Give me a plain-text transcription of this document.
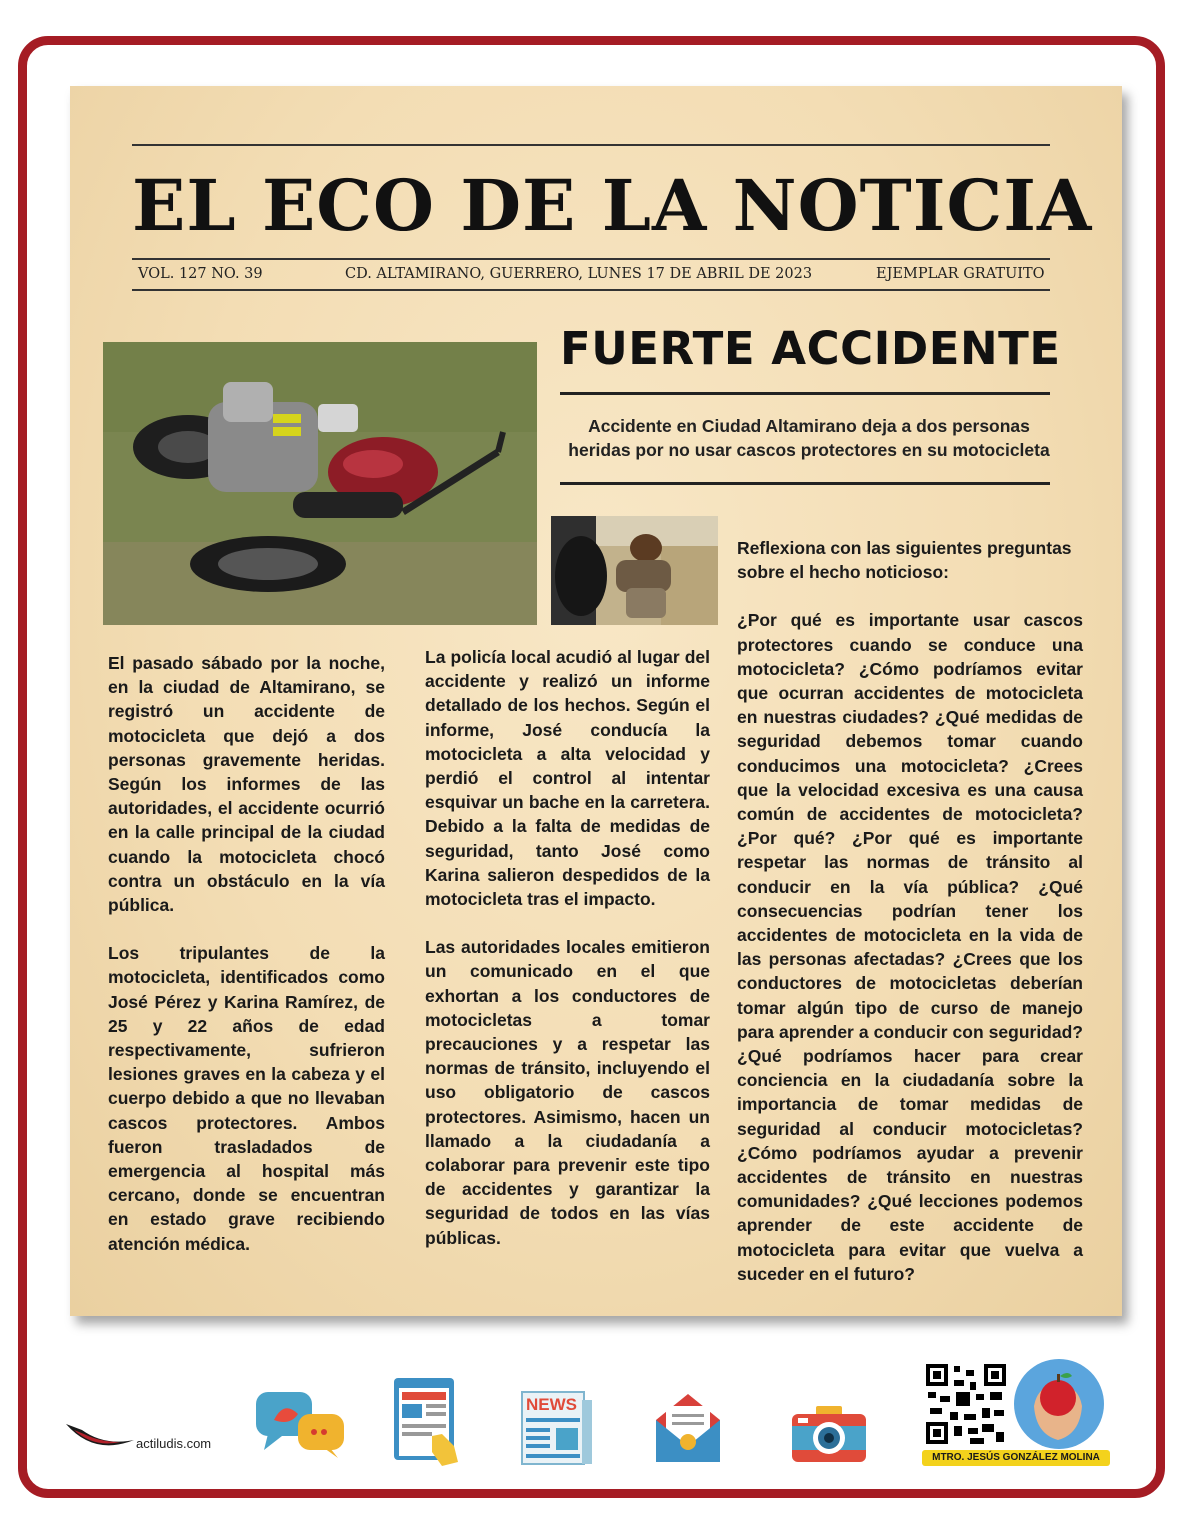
EL ECO DE LA NOTICIA
VOL. 127 NO. 39	CD. ALTAMIRANO, GUERRERO, LUNES 17 DE ABRIL DE 2023	EJEMPLAR GRATUITO
FUERTE ACCIDENTE
Accidente en Ciudad Altamirano deja a dos personas heridas por no usar cascos protectores en su motocicleta

El pasado sábado por la noche, en la ciudad de Altamirano, se registró un accidente de motocicleta que dejó a dos personas gravemente heridas. Según los informes de las autoridades, el accidente ocurrió en la calle principal de la ciudad cuando la motocicleta chocó contra un obstáculo en la vía pública.

Los tripulantes de la motocicleta, identificados como José Pérez y Karina Ramírez, de 25 y 22 años de edad respectivamente, sufrieron lesiones graves en la cabeza y el cuerpo debido a que no llevaban cascos protectores. Ambos fueron trasladados de emergencia al hospital más cercano, donde se encuentran en estado grave recibiendo atención médica.

La policía local acudió al lugar del accidente y realizó un informe detallado de los hechos. Según el informe, José conducía la motocicleta a alta velocidad y perdió el control al intentar esquivar un bache en la carretera. Debido a la falta de medidas de seguridad, tanto José como Karina salieron despedidos de la motocicleta tras el impacto.

Las autoridades locales emitieron un comunicado en el que exhortan a los conductores de motocicletas a tomar precauciones y a respetar las normas de tránsito, incluyendo el uso obligatorio de cascos protectores. Asimismo, hacen un llamado a la ciudadanía a colaborar para prevenir este tipo de accidentes y garantizar la seguridad de todos en las vías públicas.

Reflexiona con las siguientes preguntas sobre el hecho noticioso:

¿Por qué es importante usar cascos protectores cuando se conduce una motocicleta? ¿Cómo podríamos evitar que ocurran accidentes de motocicleta en nuestras ciudades? ¿Qué medidas de seguridad debemos tomar cuando conducimos una motocicleta? ¿Crees que la velocidad excesiva es una causa común de accidentes de motocicleta? ¿Por qué? ¿Por qué es importante respetar las normas de tránsito al conducir en la vía pública? ¿Qué consecuencias podrían tener los accidentes de motocicleta en la vida de las personas afectadas? ¿Crees que los conductores de motocicletas deberían tomar algún tipo de curso de manejo para aprender a conducir con seguridad? ¿Qué podríamos hacer para crear conciencia en la ciudadanía sobre la importancia de tomar medidas de seguridad al conducir motocicletas? ¿Cómo podríamos ayudar a prevenir accidentes de tránsito en nuestras comunidades? ¿Qué lecciones podemos aprender de este accidente de motocicleta para evitar que vuelva a suceder en el futuro?

actiludis.com
NEWS
MTRO. JESÚS GONZÁLEZ MOLINA
